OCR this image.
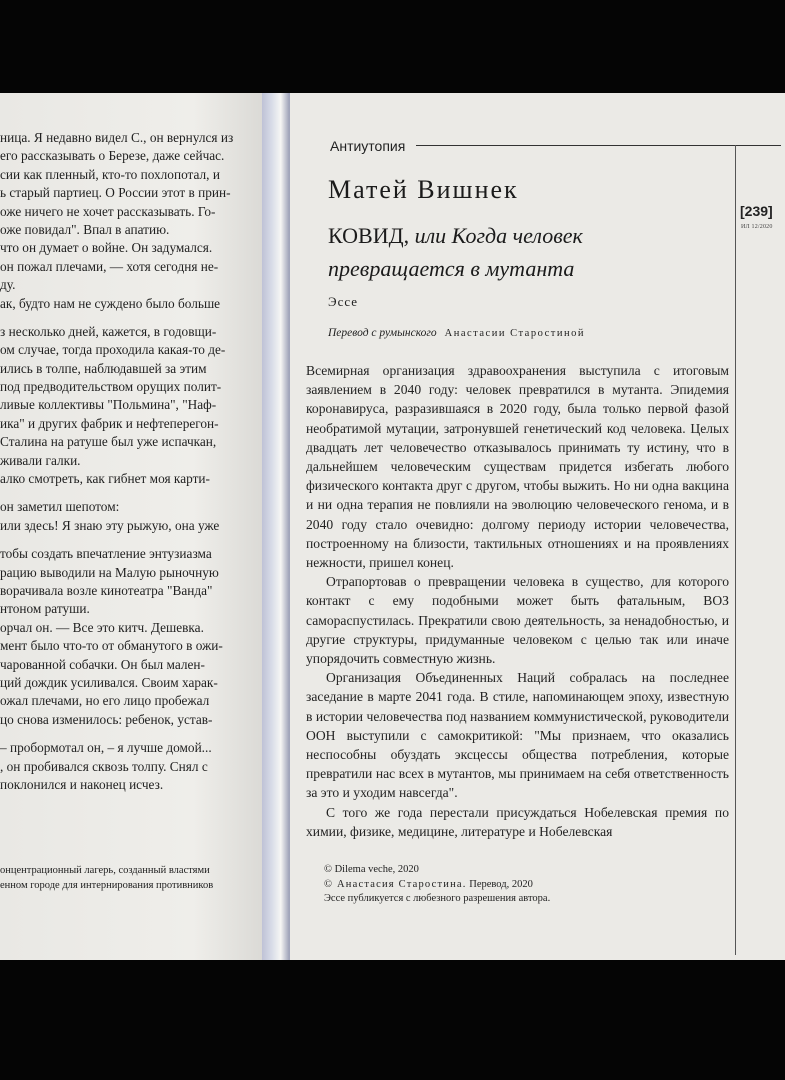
ница. Я недавно видел С., он вернулся из
его рассказывать о Березе, даже сейчас.
сии как пленный, кто-то похлопотал, и
ь старый партиец. О России этот в прин-
оже ничего не хочет рассказывать. Го-
оже повидал". Впал в апатию.
что он думает о войне. Он задумался.
он пожал плечами, — хотя сегодня не-
ду.
ак, будто нам не суждено было больше
з несколько дней, кажется, в годовщи-
ом случае, тогда проходила какая-то де-
ились в толпе, наблюдавшей за этим
под предводительством орущих полит-
ливые коллективы "Польмина", "Наф-
ика" и других фабрик и нефтеперегон-
Сталина на ратуше был уже испачкан,
живали галки.
алко смотреть, как гибнет моя карти-
он заметил шепотом:
или здесь! Я знаю эту рыжую, она уже
тобы создать впечатление энтузиазма
рацию выводили на Малую рыночную
ворачивала возле кинотеатра "Ванда"
нтоном ратуши.
орчал он. — Все это китч. Дешевка.
мент было что-то от обманутого в ожи-
чарованной собачки. Он был мален-
ций дождик усиливался. Своим харак-
ожал плечами, но его лицо пробежал
цо снова изменилось: ребенок, устав-
– пробормотал он, – я лучше домой...
, он пробивался сквозь толпу. Снял с
поклонился и наконец исчез.
онцентрационный лагерь, созданный властями
енном городе для интернирования противников
Антиутопия
[239]
ИЛ 12/2020
Матей Вишнек
КОВИД, или Когда человек
превращается в мутанта
Эссе
Перевод с румынского Анастасии Старостиной

Всемирная организация здравоохранения выступила с итоговым заявлением в 2040 году: человек превратился в мутанта. Эпидемия коронавируса, разразившаяся в 2020 году, была только первой фазой необратимой мутации, затронувшей генетический код человека. Целых двадцать лет человечество отказывалось принимать ту истину, что в дальнейшем человеческим существам придется избегать любого физического контакта друг с другом, чтобы выжить. Но ни одна вакцина и ни одна терапия не повлияли на эволюцию человеческого генома, и в 2040 году стало очевидно: долгому периоду истории человечества, построенному на близости, тактильных отношениях и на проявлениях нежности, пришел конец.

Отрапортовав о превращении человека в существо, для которого контакт с ему подобными может быть фатальным, ВОЗ самораспустилась. Прекратили свою деятельность, за ненадобностью, и другие структуры, придуманные человеком с целью так или иначе упорядочить совместную жизнь.

Организация Объединенных Наций собралась на последнее заседание в марте 2041 года. В стиле, напоминающем эпоху, известную в истории человечества под названием коммунистической, руководители ООН выступили с самокритикой: "Мы признаем, что оказались неспособны обуздать эксцессы общества потребления, которые превратили нас всех в мутантов, мы принимаем на себя ответственность за это и уходим навсегда".

С того же года перестали присуждаться Нобелевская премия по химии, физике, медицине, литературе и Нобелевская

© Dilema veche, 2020
© Анастасия Старостина. Перевод, 2020
Эссе публикуется с любезного разрешения автора.
